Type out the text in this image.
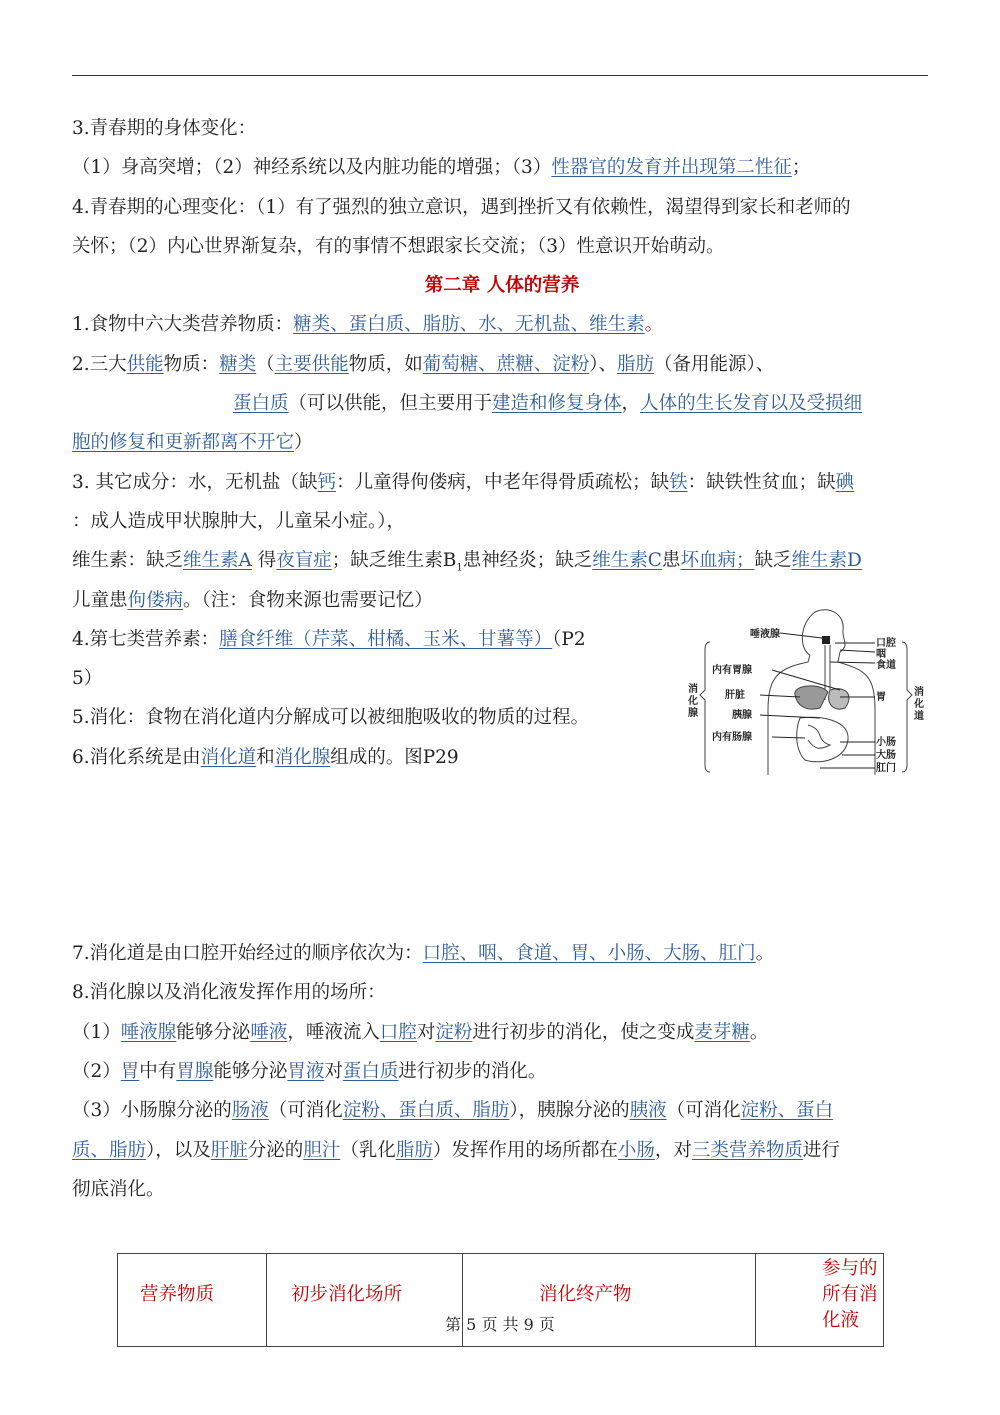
3.青春期的身体变化：
（1）身高突增；（2）神经系统以及内脏功能的增强；（3）性器官的发育并出现第二性征；
4.青春期的心理变化：（1）有了强烈的独立意识，遇到挫折又有依赖性，渴望得到家长和老师的
关怀；（2）内心世界渐复杂，有的事情不想跟家长交流；（3）性意识开始萌动。
第二章 人体的营养
1.食物中六大类营养物质：糖类、蛋白质、脂肪、水、无机盐、维生素。
2.三大供能物质：糖类（主要供能物质，如葡萄糖、蔗糖、淀粉）、脂肪（备用能源）、
蛋白质（可以供能，但主要用于建造和修复身体，人体的生长发育以及受损细
胞的修复和更新都离不开它）
3. 其它成分：水，无机盐（缺钙：儿童得佝偻病，中老年得骨质疏松；缺铁：缺铁性贫血；缺碘
：成人造成甲状腺肿大，儿童呆小症。），
维生素：缺乏维生素A 得夜盲症；缺乏维生素$B_1$患神经炎；缺乏维生素C患坏血病；缺乏维生素D
儿童患佝偻病。（注：食物来源也需要记忆）
4.第七类营养素：膳食纤维（芹菜、柑橘、玉米、甘薯等）（P2
5）
5.消化：食物在消化道内分解成可以被细胞吸收的物质的过程。
6.消化系统是由消化道和消化腺组成的。图P29
7.消化道是由口腔开始经过的顺序依次为：口腔、咽、食道、胃、小肠、大肠、肛门。
8.消化腺以及消化液发挥作用的场所：
（1）唾液腺能够分泌唾液，唾液流入口腔对淀粉进行初步的消化，使之变成麦芽糖。
（2）胃中有胃腺能够分泌胃液对蛋白质进行初步的消化。
（3）小肠腺分泌的肠液（可消化淀粉、蛋白质、脂肪），胰腺分泌的胰液（可消化淀粉、蛋白
质、脂肪），以及肝脏分泌的胆汁（乳化脂肪）发挥作用的场所都在小肠，对三类营养物质进行
彻底消化。
消化腺
消化道
唾液腺
内有胃腺
肝脏
胰腺
内有肠腺
口腔
咽
食道
胃
小肠
大肠
肛门
营养物质	初步消化场所	消化终产物	参与的所有消化液
第 5 页 共 9 页
